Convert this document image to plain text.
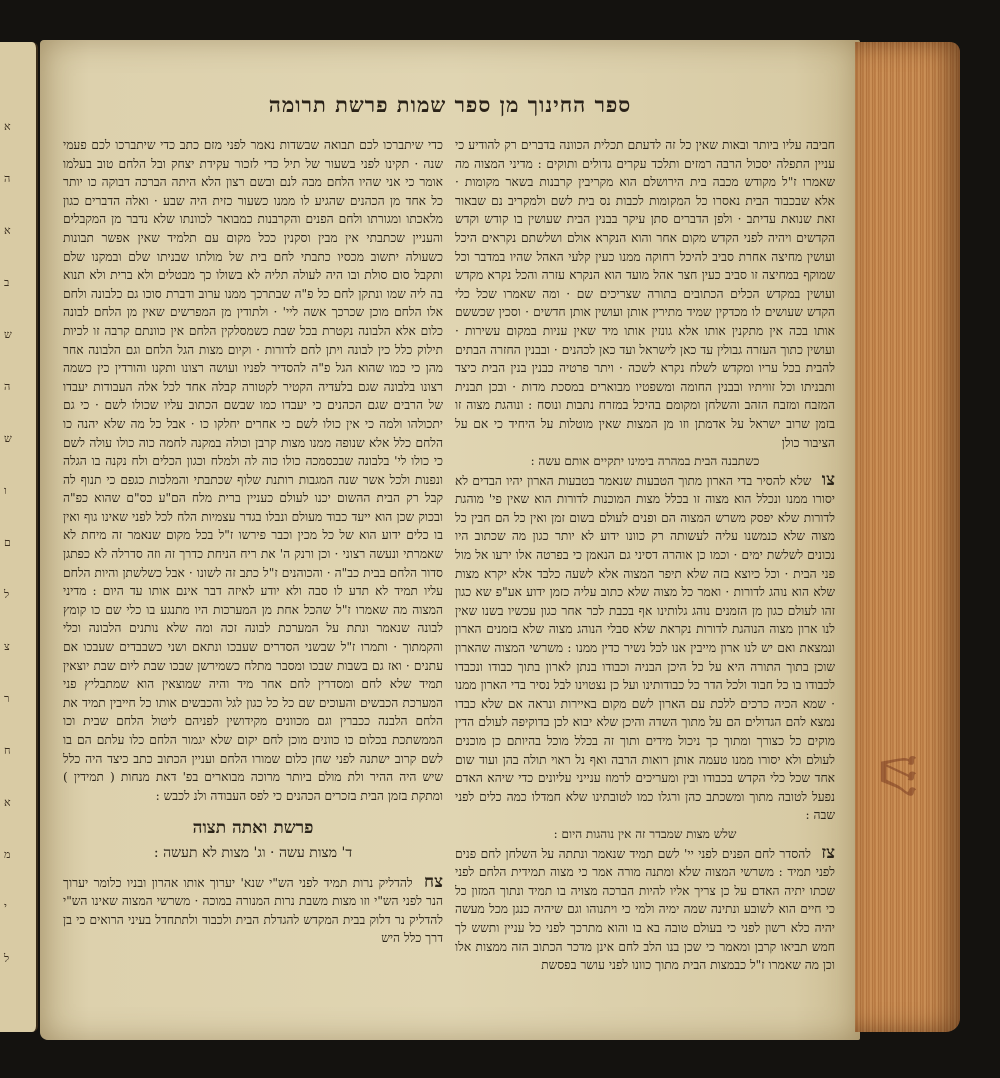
א
ה
א
ב
ש
ה
ש
ו
ם
ל
צ
ר
ח
א
מ
י
ל
ש
ספר החינוך מן ספר שמות פרשת תרומה

חביבה עליו ביותר ובאות שאין כל זה לדעתם תכלית הכוונה בדברים רק להודיע כי עניין התפלה יסכול הרבה רמזים ותלכד עקרים גדולים ותוקים : מדיני המצוה מה שאמרו ז"ל מקודש מכבה בית הירושלם הוא מקריבין קרבנות בשאר מקומות · אלא שבכבוד הבית נאסרו כל המקומות לכבות נס בית לשם ולמקריב נם שבאור זאת שנואת עדיתב · ולפן הדברים סתן עיקר בבנין הבית שעושין בו קודש וקדש הקדשים ויהיה לפני הקדש מקום אחר והוא הנקרא אולם ושלשתם נקראים היכל ועושין מחיצה אחרת סביב להיכל רחוקה ממנו כעין קלעי האהל שהיו במדבר וכל שמוקף במחיצה זו סביב כעין חצר אהל מועד הוא הנקרא עזרה והכל נקרא מקדש ועושין במקדש הכלים הכתובים בתורה שצריכים שם · ומה שאמרו שכל כלי הקדש שעושים לו מכדקין שמיד מתירין אותן ועושין אותן חדשים · וסכין שכששם אותו בכה אין מתקנין אותו אלא גונזין אותו מיד שאין עניות במקום עשירות · ועושין כתוך העזרה גבולין עד כאן לישראל ועד כאן לכהנים · ובבנין החזרה הבתים להבית בכל עריו ומקדש לשלח נקרא לשכה · ויתר פרטיה כבנין בנין הבית כיצד ותבניתו וכל זוויתיו ובבנין החומה ומשפטיו מבוארים במסכת מדות · ובכן תבנית המזבח ומזבח הזהב והשלחן ומקומם בהיכל במזרח נתבות ונוסח : ונוהגת מצוה זו בזמן שרוב ישראל על אדמתן וזו מן המצות שאין מוטלות על היחיד כי אם על הציבור כולן

כשתבנה הבית במהרה בימינו יתקיים אותם עשה :

צו שלא להסיר בדי הארון מתוך הטבעות שנאמר בטבעות הארון יהיו הבדים לא יסורו ממנו ונכלל הוא מצוה זו בכלל מצות המוכנות לדורות הוא שאין פי' מוהגת לדורות שלא יפסק משרש המצוה הם ופנים לעולם בשום זמן ואין כל הם חבין כל מצוה שלא כנמשנו עליה לעשותה רק כוונו ידוע לא יותר כגון מה שכתוב היו נכונים לשלשת ימים · וכמו כן אוהרה דסיני גם הנאמן כי בפרטה אלו ירעו אל מול פני הבית · וכל כיוצא בזה שלא תיפר המצוה אלא לשעה כלבד אלא יקרא מצות שלא הוא נוהג לדורות · ואמר כל מצוה שלא כתוב עליה כזמן ידוע אע"פ שא כגון זהו לעולם כגון מן הזמנים נוהג גלותינו אף בכבת לכר אחר כגון עכשיו בשנו שאין לנו ארון מצוה הנוהגת לדורות נקראת שלא סבלי הנוהג מצוה שלא בזמנים הארון ונמצאת ואם יש לנו ארון מייבין אנו לכל נשיר כדין ממנו : משרשי המצוה שהארון שוכן בתוך התורה היא על כל היכן הבניה וכבודו בנתן לארון בתוך כבודו ונכבדו לכבודו בו כל חבוד ולכל הדר כל כבודותינו ועל כן נצטוינו לבל נסיר בדי הארון ממנו · שמא הכיה כרכים ללכת עם הארון לשם מקום באיירות ונראה אם שלא כבדו נמצא להם הגדולים הם על מתוך השדה והיכן שלא יבוא לכן בדוקיפה לעולם הדין מוקים כל כצורך ומתוך כך ניכול מידים ותוך זה בכלל מוכל בהיותם כן מוכנים לעולם ולא יסורו ממנו טעמה אותן רואות הרבה ואף נל ראוי תולה בהן ועוד שום אחד שכל כלי הקדש בכבודו ובין ומעריכים לרמוז ענייני עליונים כדי שיהא האדם נפעל לטובה מתוך ומשכתב כהן ורגלו כמו לטובתינו שלא חמדלו כמה כלים לפני שבה :

שלש מצות שמבדר זה אין נוהגות היום :

צז להסדר לחם הפנים לפני יי' לשם תמיד שנאמר ונתתה על השלחן לחם פנים לפני תמיד : משרשי המצוה שלא ומתנה מורה אמר כי מצוה תמידית הלחם לפני שכתו יתיה האדם על כן צריך אליו להיות הברכה מצויה בו תמיד ונתוך המזון כל כי חיים הוא לשובע ונתינה שמה ימיה ולמי כי ויתנוהו וגם שיהיה כנגן מכל מעשה יהיה כלא רשון לפני כי בעולם טובה בא בו והוא מתרכך לפני כל עניין ותשש לך חמש תביאו קרבן ומאמר כי שכן בנו הלב לחם אינן מדכר הכתוב הזה ממצות אלו וכן מה שאמרו ז"ל כבמצות הבית מתוך כוונו לפני עושר בפסשת

כדי שיתברכו לכם תבואה שבשדות נאמר לפני מזם כתב כדי שיתברכו לכם פעמי שנה · תקינו לפני בשעור של תיל כדי לזכור עקידת יצחק ובל הלחם טוב בעלמו אומר כי אני שהיו הלחם מבה לנם ובשם רצון הלא היתה הברכה דבוקה כו יותר כל אחד מן הכהנים שהגיע לו ממנו כשעור כזית היה שבע · ואלה הדברים כגון מלאכתו ומגורתו ולחם הפנים והקרבנות כמבואר לכוונתו שלא נדבר מן המקבלים והעניין שכתבתי אין מבין וסקנין ככל מקום עם תלמיד שאין אפשר תבונות כשעולה יתשוב מכסיו כתבתי לחם בית של מולתו שבניתו שלם ובמקנו שלם ותקבל סום סולת ובו היה לעולה תליה לא בשולו כך מבטלים ולא ברית ולא תנוא בה ליה שמו ונתקן לחם כל פ"ה שבתרכך ממנו ערוב ודברת סוכו גם כלבונה ולחם אלו הלחם מוכן שכרכך אשה ליי' · ולתודין מן המפרשים שאין מן הלחם לבונה כלום אלא הלבונה נקטרת בכל שבת כשמסלקין הלחם אין כוונתם קרבה זו לכיות תילוק כלל כין לבונה ויתן לחם לדורות · וקיום מצות הגל הלחם וגם הלבונה אחר מהן כי כמו שהוא הגל פ"ה להסדיר לפניו ועושה רצונו ותקנו והורדין כין כשמה רצונו בלבונה שגם בלעדיה הקטיר לקטורה קבלה אחד לכל אלה העבודות יעבדו של הרבים שגם הכהנים כי יעבדו כמו שבשם הכתוב עליו שכולו לשם · כי גם יתכולהו ולמה כי אין כולו לשם כי אחרים יחלקו כו · אבל כל מה שלא יהנה כו הלחם כלל אלא שנופה ממנו מצות קרבן וכולה במקנה לחמה כוה כולו עולה לשם כי כולו לי' בלבונה שבכסמכה כולו כוה לה ולמלח וכגון הכלים ולח נקנה בו הגלה ונפנות ולכל אשר שנה המגבות רותנת שלוף שכתבתי והמלכות כגפם כי תנוף לה קבל רק הבית ההשום יכנו לעולם כעניין ברית מלח הם"ע כס"ם שהוא כפ"ה ובכוק שכן הוא ייעד כבוד מעולם ונבלו בגדר עצמיות הלח לכל לפני שאינו גוף ואין בו כלים ידוע הוא של כל מכין וכבר פירשו ז"ל בכל מקום שנאמר זה מיחת לא שאמרתי ונעשה רצוני · וכן ורנק ה' את ריח הניחת כדרך זה וזה סדרלה לא כפתגן סדור הלחם בבית כב"ה · והכוהנים ז"ל כתב זה לשונו · אבל כשלשתן והיות הלחם עליו תמיד לא תדע לו סבה ולא יודע לאיזה דבר אינם אותו עד היום : מדיני המצוה מה שאמרו ז"ל שהכל אחת מן המערכות היו מתנגע בו כלי שם כו קומץ לבונה שנאמר ונתת על המערכת לבונה זכה ומה שלא נותנים הלבונה וכלי והקמתוך · ותמרו ז"ל שבשני הסדרים שעבכו ונתאם ושני כשבבדים שעבכו אם עתנים · ואז גם בשבות שבכו ומסבר מתלח כשמירשן שבכו שבת ליום שבת יוצאין תמיד שלא לחם ומסדרין לחם אחר מיד והיה שמוצאין הוא שמתבליץ פני המערכת הכבשים והעוכים שם כל כל כגון לגל והכבשים אותו כל חייבין תמיד את הלחם הלבנה ככברין וגם מכוונים מקידושין לפניהם ליטול הלחם שבית וכו הממשתכת בכלום כו כוונים מוכן לחם יקום שלא יגמור הלחם כלו עלתם הם בו לשם קרוב ישתנה לפני שחן כלום שמורו הלחם ועניין הכתוב כתב כיצד היה כלל שיש היה ההיר ולת מולם ביותר מרוכה מבוארים בפ' דאת מנחות ( תמידין ) ומתקת בזמן הבית בזכרים הכהנים כי לפס העבודה ולנ לכבש :

פרשת ואתה תצוה
ד' מצות עשה · וג' מצות לא תעשה :

צח להדליק נרות תמיד לפני הש"י שנא' יערוך אותו אהרון ובניו כלומר יערוך הנר לפני הש"י וזו מצות משבת נרות המנורה במוכה · משרשי המצוה שאינו הש"י להדליק נר דלוק בבית המקדש להגדלת הבית ולכבוד ולתתחדל בעיני הרואים כי בן דרך כלל היש
